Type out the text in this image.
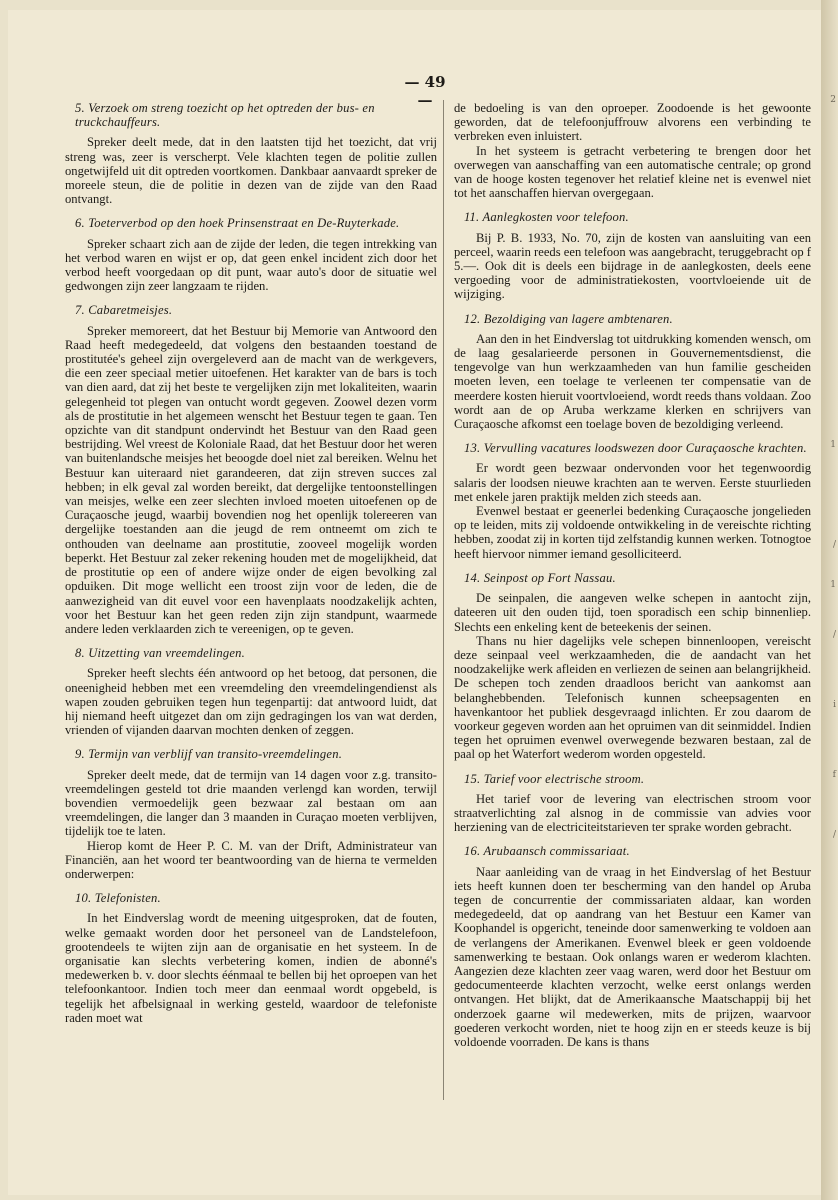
2
1
/
1
/
i
f
/
— 49 —
5. Verzoek om streng toezicht op het optreden der bus- en truckchauffeurs.

Spreker deelt mede, dat in den laatsten tijd het toezicht, dat vrij streng was, zeer is verscherpt. Vele klachten tegen de politie zullen ongetwijfeld uit dit optreden voortkomen. Dankbaar aanvaardt spreker de moreele steun, die de politie in dezen van de zijde van den Raad ontvangt.

6. Toeterverbod op den hoek Prinsenstraat en De-Ruyterkade.

Spreker schaart zich aan de zijde der leden, die tegen intrekking van het verbod waren en wijst er op, dat geen enkel incident zich door het verbod heeft voorgedaan op dit punt, waar auto's door de situatie wel gedwongen zijn zeer langzaam te rijden.

7. Cabaretmeisjes.

Spreker memoreert, dat het Bestuur bij Memorie van Antwoord den Raad heeft medegedeeld, dat volgens den bestaanden toestand de prostitutée's geheel zijn overgeleverd aan de macht van de werkgevers, die een zeer speciaal metier uitoefenen. Het karakter van de bars is toch van dien aard, dat zij het beste te vergelijken zijn met lokaliteiten, waarin gelegenheid tot plegen van ontucht wordt gegeven. Zoowel dezen vorm als de prostitutie in het algemeen wenscht het Bestuur tegen te gaan. Ten opzichte van dit standpunt ondervindt het Bestuur van den Raad geen bestrijding. Wel vreest de Koloniale Raad, dat het Bestuur door het weren van buitenlandsche meisjes het beoogde doel niet zal bereiken. Welnu het Bestuur kan uiteraard niet garandeeren, dat zijn streven succes zal hebben; in elk geval zal worden bereikt, dat dergelijke tentoonstellingen van meisjes, welke een zeer slechten invloed moeten uitoefenen op de Curaçaosche jeugd, waarbij bovendien nog het openlijk tolereeren van dergelijke toestanden aan die jeugd de rem ontneemt om zich te onthouden van deelname aan prostitutie, zooveel mogelijk worden beperkt. Het Bestuur zal zeker rekening houden met de mogelijkheid, dat de prostitutie op een of andere wijze onder de eigen bevolking zal opduiken. Dit moge wellicht een troost zijn voor de leden, die de aanwezigheid van dit euvel voor een havenplaats noodzakelijk achten, voor het Bestuur kan het geen reden zijn zijn standpunt, waarmede andere leden verklaarden zich te vereenigen, op te geven.

8. Uitzetting van vreemdelingen.

Spreker heeft slechts één antwoord op het betoog, dat personen, die oneenigheid hebben met een vreemdeling den vreemdelingendienst als wapen zouden gebruiken tegen hun tegenpartij: dat antwoord luidt, dat hij niemand heeft uitgezet dan om zijn gedragingen los van wat derden, vrienden of vijanden daarvan mochten denken of zeggen.

9. Termijn van verblijf van transito-vreemdelingen.

Spreker deelt mede, dat de termijn van 14 dagen voor z.g. transito-vreemdelingen gesteld tot drie maanden verlengd kan worden, terwijl bovendien vermoedelijk geen bezwaar zal bestaan om aan vreemdelingen, die langer dan 3 maanden in Curaçao moeten verblijven, tijdelijk toe te laten.

Hierop komt de Heer P. C. M. van der Drift, Administrateur van Financiën, aan het woord ter beantwoording van de hierna te vermelden onderwerpen:

10. Telefonisten.

In het Eindverslag wordt de meening uitgesproken, dat de fouten, welke gemaakt worden door het personeel van de Landstelefoon, grootendeels te wijten zijn aan de organisatie en het systeem. In de organisatie kan slechts verbetering komen, indien de abonné's medewerken b. v. door slechts éénmaal te bellen bij het oproepen van het telefoonkantoor. Indien toch meer dan eenmaal wordt opgebeld, is tegelijk het afbelsignaal in werking gesteld, waardoor de telefoniste raden moet wat

de bedoeling is van den oproeper. Zoodoende is het gewoonte geworden, dat de telefoonjuffrouw alvorens een verbinding te verbreken even inluistert.

In het systeem is getracht verbetering te brengen door het overwegen van aanschaffing van een automatische centrale; op grond van de hooge kosten tegenover het relatief kleine net is evenwel niet tot het aanschaffen hiervan overgegaan.

11. Aanlegkosten voor telefoon.

Bij P. B. 1933, No. 70, zijn de kosten van aansluiting van een perceel, waarin reeds een telefoon was aangebracht, teruggebracht op f 5.—. Ook dit is deels een bijdrage in de aanlegkosten, deels eene vergoeding voor de administratiekosten, voortvloeiende uit de wijziging.

12. Bezoldiging van lagere ambtenaren.

Aan den in het Eindverslag tot uitdrukking komenden wensch, om de laag gesalarieerde personen in Gouvernementsdienst, die tengevolge van hun werkzaamheden van hun familie gescheiden moeten leven, een toelage te verleenen ter compensatie van de meerdere kosten hieruit voortvloeiend, wordt reeds thans voldaan. Zoo wordt aan de op Aruba werkzame klerken en schrijvers van Curaçaosche afkomst een toelage boven de bezoldiging verleend.

13. Vervulling vacatures loodswezen door Curaçaosche krachten.

Er wordt geen bezwaar ondervonden voor het tegenwoordig salaris der loodsen nieuwe krachten aan te werven. Eerste stuurlieden met enkele jaren praktijk melden zich steeds aan.

Evenwel bestaat er geenerlei bedenking Curaçaosche jongelieden op te leiden, mits zij voldoende ontwikkeling in de vereischte richting hebben, zoodat zij in korten tijd zelfstandig kunnen werken. Totnogtoe heeft hiervoor nimmer iemand gesolliciteerd.

14. Seinpost op Fort Nassau.

De seinpalen, die aangeven welke schepen in aantocht zijn, dateeren uit den ouden tijd, toen sporadisch een schip binnenliep. Slechts een enkeling kent de beteekenis der seinen.

Thans nu hier dagelijks vele schepen binnenloopen, vereischt deze seinpaal veel werkzaamheden, die de aandacht van het noodzakelijke werk afleiden en verliezen de seinen aan belangrijkheid. De schepen toch zenden draadloos bericht van aankomst aan belanghebbenden. Telefonisch kunnen scheepsagenten en havenkantoor het publiek desgevraagd inlichten. Er zou daarom de voorkeur gegeven worden aan het opruimen van dit seinmiddel. Indien tegen het opruimen evenwel overwegende bezwaren bestaan, zal de paal op het Waterfort wederom worden opgesteld.

15. Tarief voor electrische stroom.

Het tarief voor de levering van electrischen stroom voor straatverlichting zal alsnog in de commissie van advies voor herziening van de electriciteitstarieven ter sprake worden gebracht.

16. Arubaansch commissariaat.

Naar aanleiding van de vraag in het Eindverslag of het Bestuur iets heeft kunnen doen ter bescherming van den handel op Aruba tegen de concurrentie der commissariaten aldaar, kan worden medegedeeld, dat op aandrang van het Bestuur een Kamer van Koophandel is opgericht, teneinde door samenwerking te voldoen aan de verlangens der Amerikanen. Evenwel bleek er geen voldoende samenwerking te bestaan. Ook onlangs waren er wederom klachten. Aangezien deze klachten zeer vaag waren, werd door het Bestuur om gedocumenteerde klachten verzocht, welke eerst onlangs werden ontvangen. Het blijkt, dat de Amerikaansche Maatschappij bij het onderzoek gaarne wil medewerken, mits de prijzen, waarvoor goederen verkocht worden, niet te hoog zijn en er steeds keuze is bij voldoende voorraden. De kans is thans
